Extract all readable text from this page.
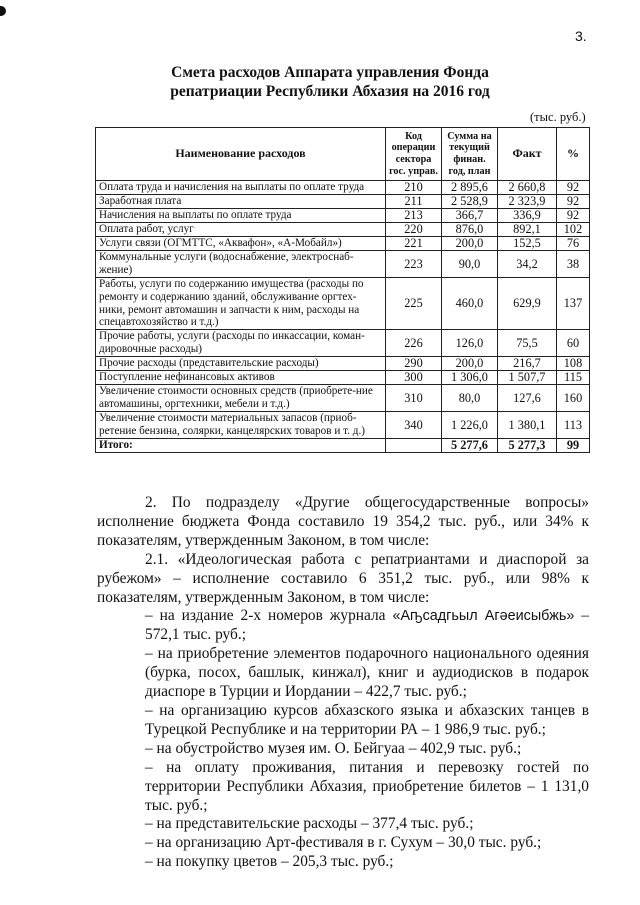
3.
Смета расходов Аппарата управления Фонда
репатриации Республики Абхазия на 2016 год
(тыс. руб.)
Наименование расходов	Код операции сектора гос. управ.	Сумма на текущий финан. год, план	Факт	%
Оплата труда и начисления на выплаты по оплате труда	210	2 895,6	2 660,8	92
Заработная плата	211	2 528,9	2 323,9	92
Начисления на выплаты по оплате труда	213	366,7	336,9	92
Оплата работ, услуг	220	876,0	892,1	102
Услуги связи (ОГМТТС, «Аквафон», «А-Мобайл»)	221	200,0	152,5	76
Коммунальные услуги (водоснабжение, электроснаб-жение)	223	90,0	34,2	38
Работы, услуги по содержанию имущества (расходы по ремонту и содержанию зданий, обслуживание оргтех-ники, ремонт автомашин и запчасти к ним, расходы на спецавтохозяйство и т.д.)	225	460,0	629,9	137
Прочие работы, услуги (расходы по инкассации, коман-дировочные расходы)	226	126,0	75,5	60
Прочие расходы (представительские расходы)	290	200,0	216,7	108
Поступление нефинансовых активов	300	1 306,0	1 507,7	115
Увеличение стоимости основных средств (приобрете-ние автомашины, оргтехники, мебели и т.д.)	310	80,0	127,6	160
Увеличение стоимости материальных запасов (приоб-ретение бензина, солярки, канцелярских товаров и т. д.)	340	1 226,0	1 380,1	113
Итого:		5 277,6	5 277,3	99

2. По подразделу «Другие общегосударственные вопросы» исполнение бюджета Фонда составило 19 354,2 тыс. руб., или 34% к показателям, утвержденным Законом, в том числе:

2.1. «Идеологическая работа с репатриантами и диаспорой за рубежом» – исполнение составило 6 351,2 тыс. руб., или 98% к показателям, утвержденным Законом, в том числе:

– на издание 2-х номеров журнала «Аҧсадгьыл Агәеисыбжь» – 572,1 тыс. руб.;

– на приобретение элементов подарочного национального одеяния (бурка, посох, башлык, кинжал), книг и аудиодисков в подарок диаспоре в Турции и Иордании – 422,7 тыс. руб.;

– на организацию курсов абхазского языка и абхазских танцев в Турецкой Республике и на территории РА – 1 986,9 тыс. руб.;

– на обустройство музея им. О. Бейгуаа – 402,9 тыс. руб.;

– на оплату проживания, питания и перевозку гостей по территории Республики Абхазия, приобретение билетов – 1 131,0 тыс. руб.;

– на представительские расходы – 377,4 тыс. руб.;

– на организацию Арт-фестиваля в г. Сухум – 30,0 тыс. руб.;

– на покупку цветов – 205,3 тыс. руб.;
